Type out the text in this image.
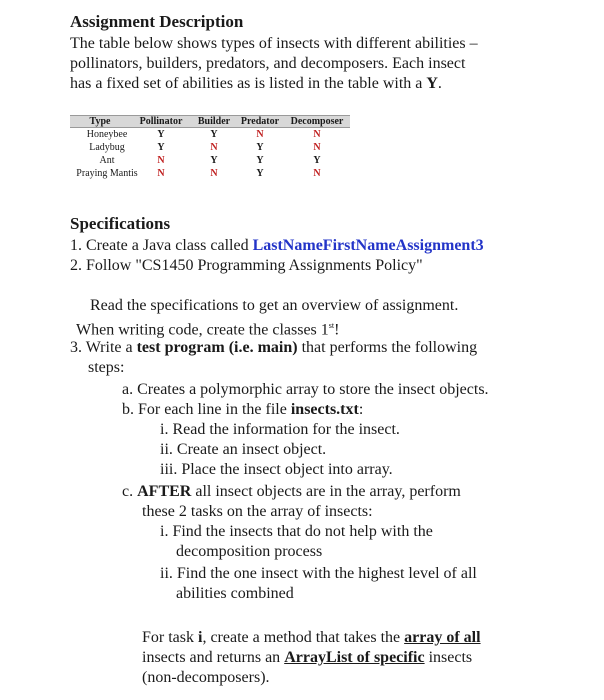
Assignment Description
The table below shows types of insects with different abilities –
pollinators, builders, predators, and decomposers. Each insect
has a fixed set of abilities as is listed in the table with a Y.
Type	Pollinator	Builder	Predator	Decomposer
Honeybee	Y	Y	N	N
Ladybug	Y	N	Y	N
Ant	N	Y	Y	Y
Praying Mantis	N	N	Y	N
Specifications
1. Create a Java class called LastNameFirstNameAssignment3
2. Follow "CS1450 Programming Assignments Policy"
Read the specifications to get an overview of assignment.
When writing code, create the classes 1st!
3. Write a test program (i.e. main) that performs the following
steps:
a. Creates a polymorphic array to store the insect objects.
b. For each line in the file insects.txt:
i. Read the information for the insect.
ii. Create an insect object.
iii. Place the insect object into array.
c. AFTER all insect objects are in the array, perform
these 2 tasks on the array of insects:
i. Find the insects that do not help with the
decomposition process
ii. Find the one insect with the highest level of all
abilities combined
For task i, create a method that takes the array of all
insects and returns an ArrayList of specific insects
(non-decomposers).
